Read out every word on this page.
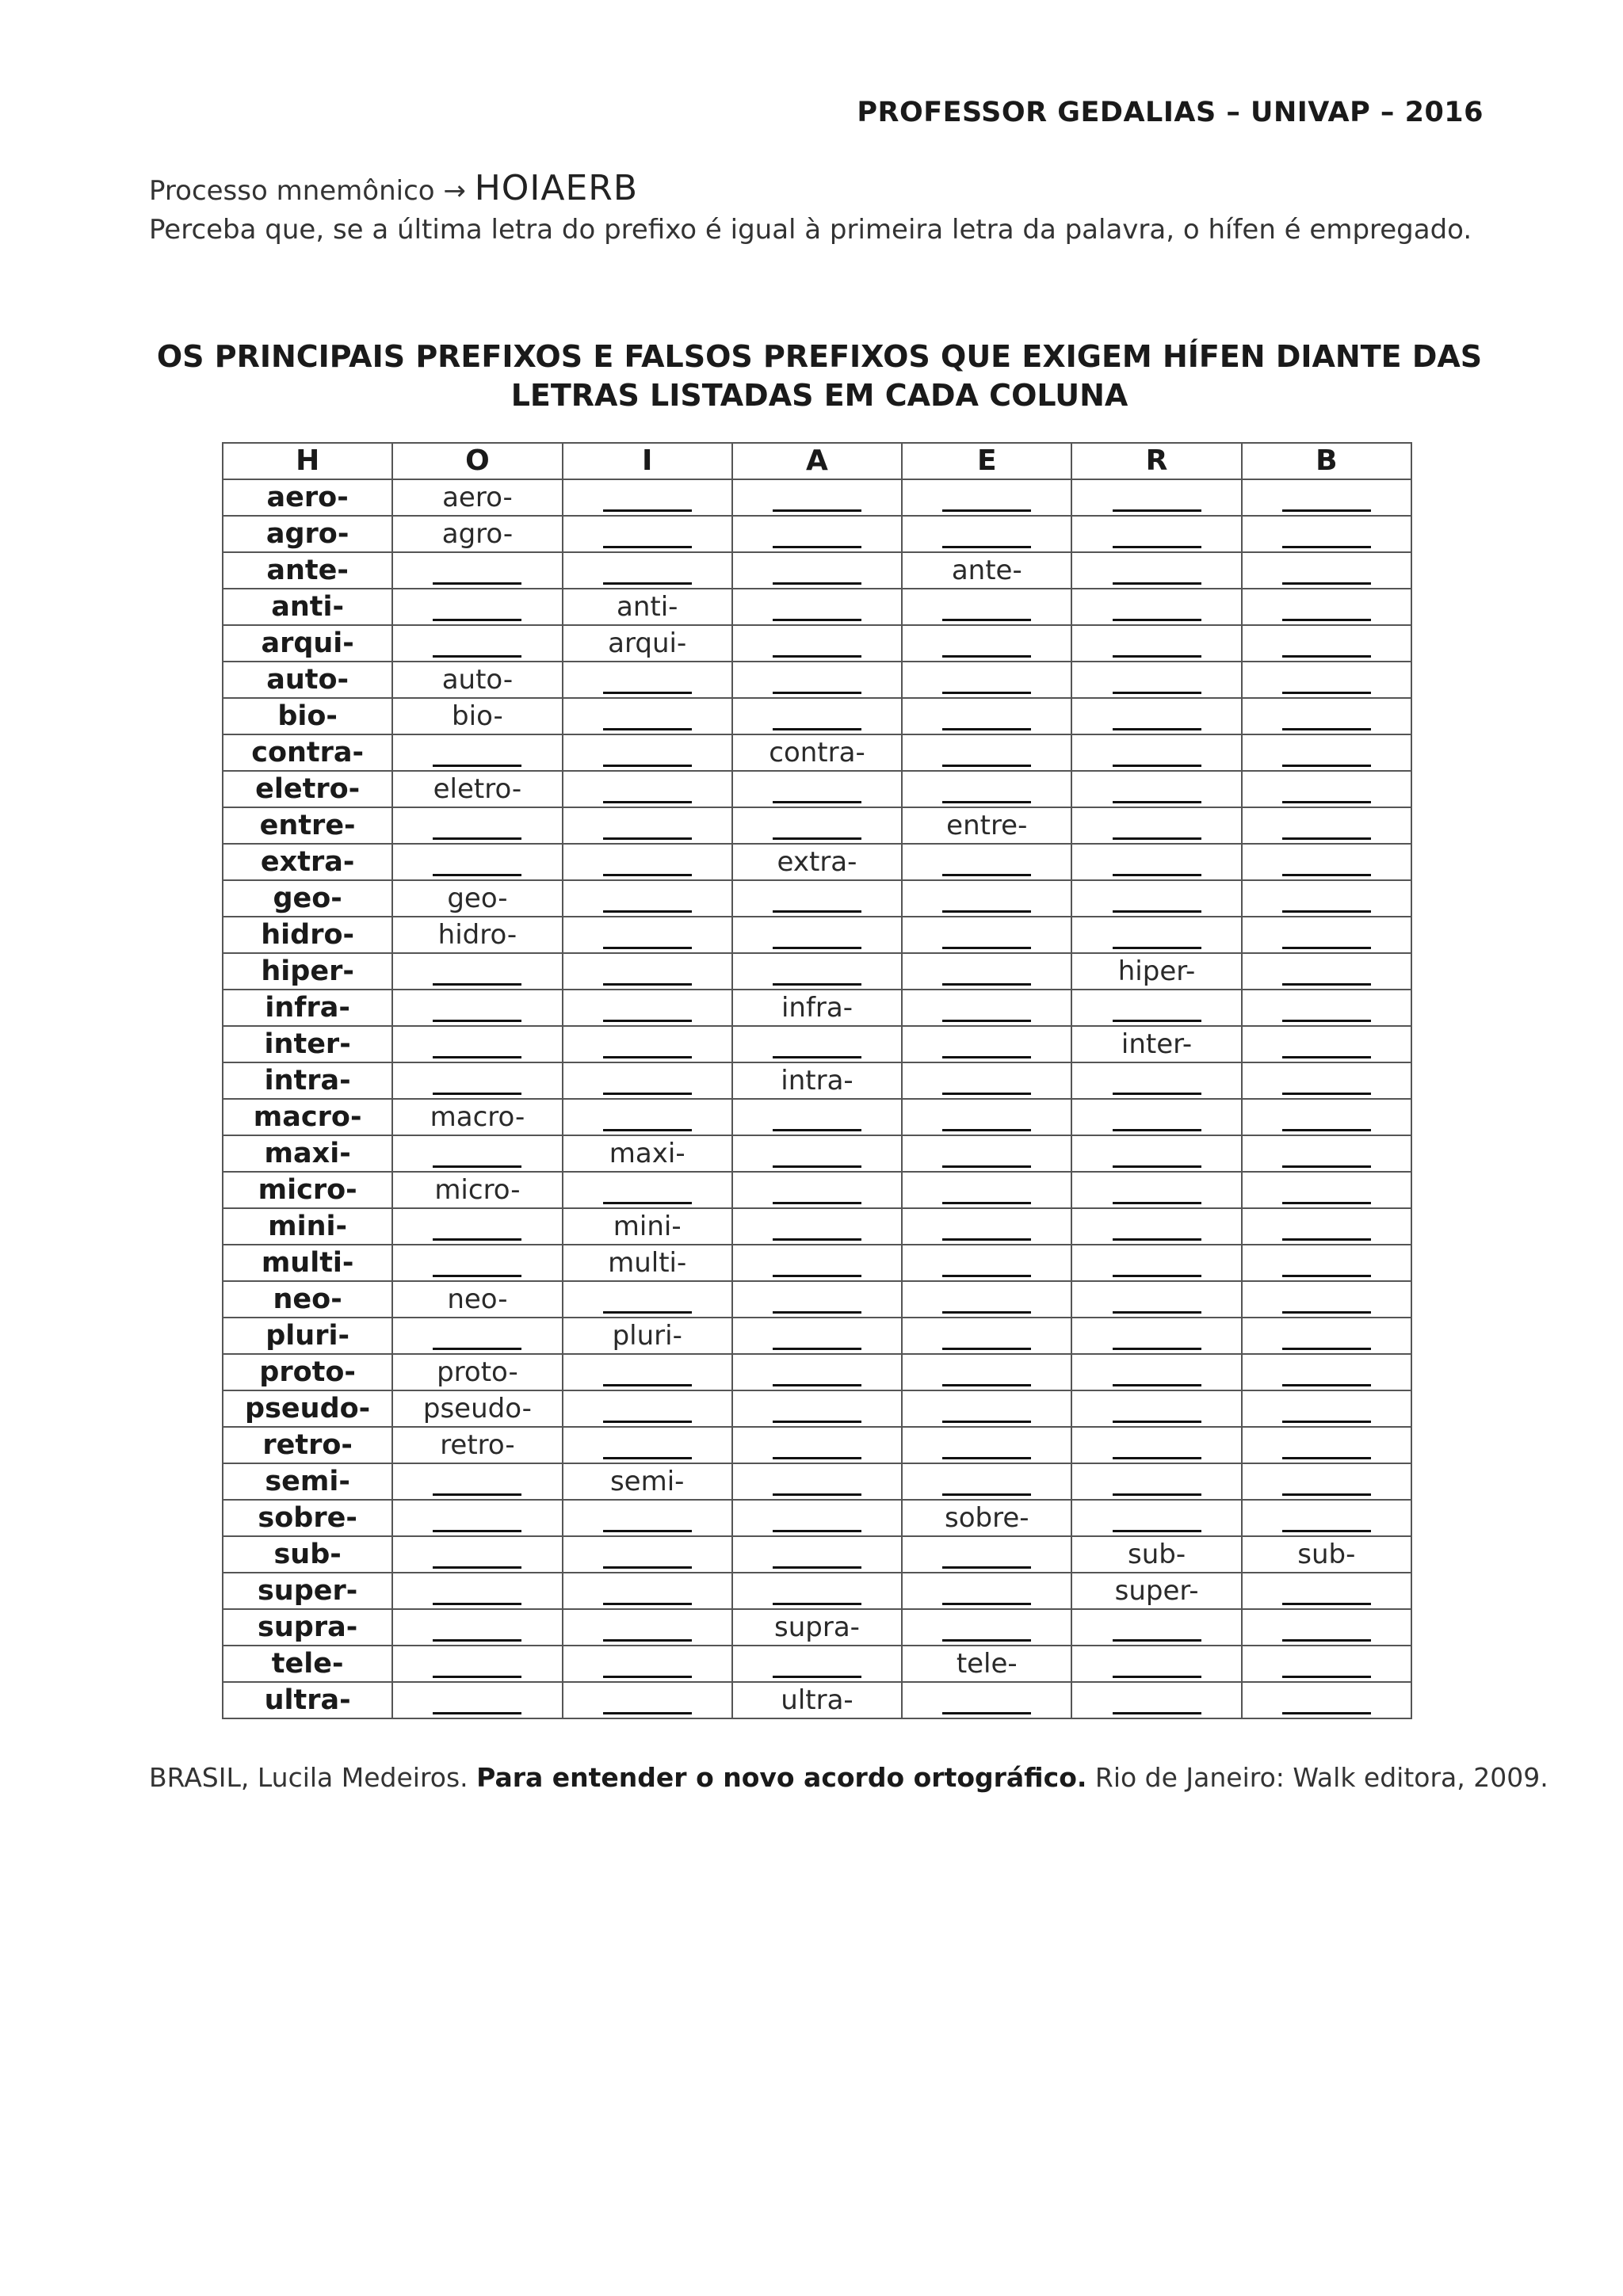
PROFESSOR GEDALIAS – UNIVAP – 2016
Processo mnemônico → HOIAERB
Perceba que, se a última letra do prefixo é igual à primeira letra da palavra, o hífen é empregado.
OS PRINCIPAIS PREFIXOS E FALSOS PREFIXOS QUE EXIGEM HÍFEN DIANTE DAS
LETRAS LISTADAS EM CADA COLUNA
H	O	I	A	E	R	B
aero-	aero-					
agro-	agro-					
ante-				ante-		
anti-		anti-				
arqui-		arqui-				
auto-	auto-					
bio-	bio-					
contra-			contra-			
eletro-	eletro-					
entre-				entre-		
extra-			extra-			
geo-	geo-					
hidro-	hidro-					
hiper-					hiper-	
infra-			infra-			
inter-					inter-	
intra-			intra-			
macro-	macro-					
maxi-		maxi-				
micro-	micro-					
mini-		mini-				
multi-		multi-				
neo-	neo-					
pluri-		pluri-				
proto-	proto-					
pseudo-	pseudo-					
retro-	retro-					
semi-		semi-				
sobre-				sobre-		
sub-					sub-	sub-
super-					super-	
supra-			supra-			
tele-				tele-		
ultra-			ultra-			
BRASIL, Lucila Medeiros. Para entender o novo acordo ortográfico. Rio de Janeiro: Walk editora, 2009.
